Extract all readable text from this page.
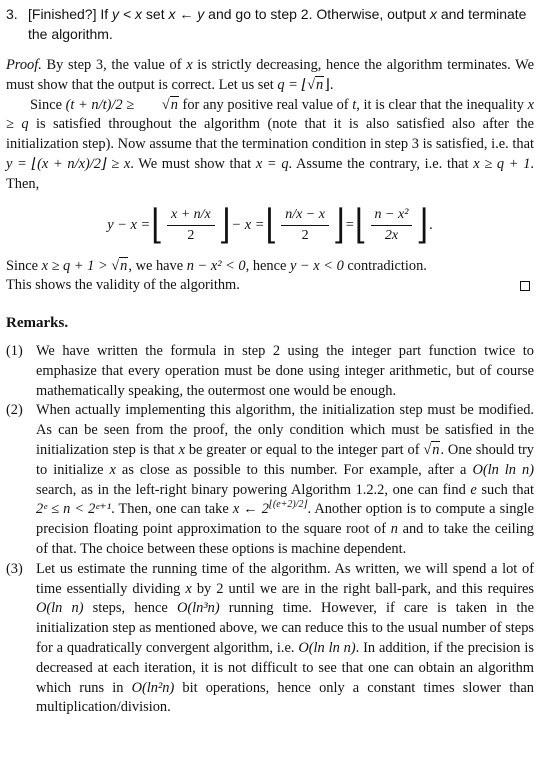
3. [Finished?] If y < x set x ← y and go to step 2. Otherwise, output x and terminate the algorithm.

Proof. By step 3, the value of x is strictly decreasing, hence the algorithm terminates. We must show that the output is correct. Let us set q = ⌊√n⌋.

Since (t + n/t)/2 ≥ √n for any positive real value of t, it is clear that the inequality x ≥ q is satisfied throughout the algorithm (note that it is also satisfied also after the initialization step). Now assume that the termination condition in step 3 is satisfied, i.e. that y = ⌊(x + n/x)/2⌋ ≥ x. We must show that x = q. Assume the contrary, i.e. that x ≥ q + 1. Then,

y − x = ⌊ $\frac{x + n/x}{2}$ ⌋ − x = ⌊ $\frac{n/x - x}{2}$ ⌋ = ⌊ $\frac{\text{n − x²}}{2x}$ ⌋ .

Since x ≥ q + 1 > √n, we have n − x² < 0, hence y − x < 0 contradiction.

This shows the validity of the algorithm.
Remarks.
(1) We have written the formula in step 2 using the integer part function twice to emphasize that every operation must be done using integer arithmetic, but of course mathematically speaking, the outermost one would be enough.
(2) When actually implementing this algorithm, the initialization step must be modified. As can be seen from the proof, the only condition which must be satisfied in the initialization step is that x be greater or equal to the integer part of √n. One should try to initialize x as close as possible to this number. For example, after a O(ln ln n) search, as in the left-right binary powering Algorithm 1.2.2, one can find e such that 2ᵉ ≤ n < 2ᵉ⁺¹. Then, one can take x ← $2^{⌊(e+2)/2⌋}$. Another option is to compute a single precision floating point approximation to the square root of n and to take the ceiling of that. The choice between these options is machine dependent.
(3) Let us estimate the running time of the algorithm. As written, we will spend a lot of time essentially dividing x by 2 until we are in the right ball-park, and this requires O(ln n) steps, hence O(ln³n) running time. However, if care is taken in the initialization step as mentioned above, we can reduce this to the usual number of steps for a quadratically convergent algorithm, i.e. O(ln ln n). In addition, if the precision is decreased at each iteration, it is not difficult to see that one can obtain an algorithm which runs in O(ln²n) bit operations, hence only a constant times slower than multiplication/division.
